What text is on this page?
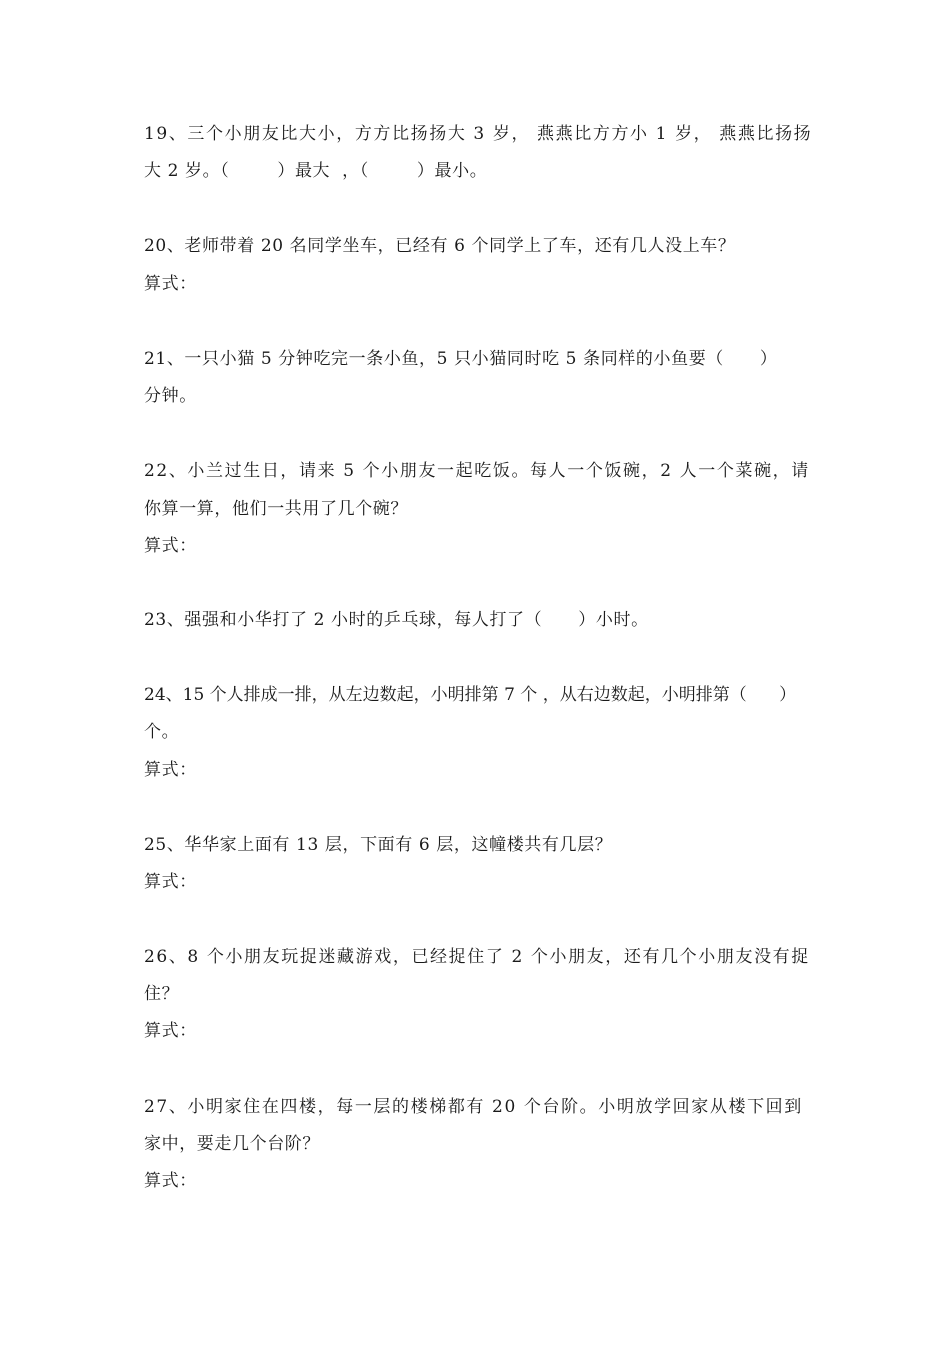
19、三个小朋友比大小，方方比扬扬大 3 岁， 燕燕比方方小 1 岁， 燕燕比扬扬
大 2 岁。（        ）最大  ，（        ）最小。
20、老师带着 20 名同学坐车，已经有 6 个同学上了车，还有几人没上车？
算式：
21、一只小猫 5 分钟吃完一条小鱼，5 只小猫同时吃 5 条同样的小鱼要（      ）
分钟。
22、小兰过生日，请来 5 个小朋友一起吃饭。每人一个饭碗，2 人一个菜碗，请
你算一算，他们一共用了几个碗？
算式：
23、强强和小华打了 2 小时的乒乓球，每人打了（      ）小时。
24、15 个人排成一排，从左边数起，小明排第 7 个 ，从右边数起，小明排第（      ）
个。
算式：
25、华华家上面有 13 层，下面有 6 层，这幢楼共有几层？
算式：
26、8 个小朋友玩捉迷藏游戏，已经捉住了 2 个小朋友，还有几个小朋友没有捉
住？
算式：
27、小明家住在四楼，每一层的楼梯都有 20 个台阶。小明放学回家从楼下回到
家中，要走几个台阶？
算式：
